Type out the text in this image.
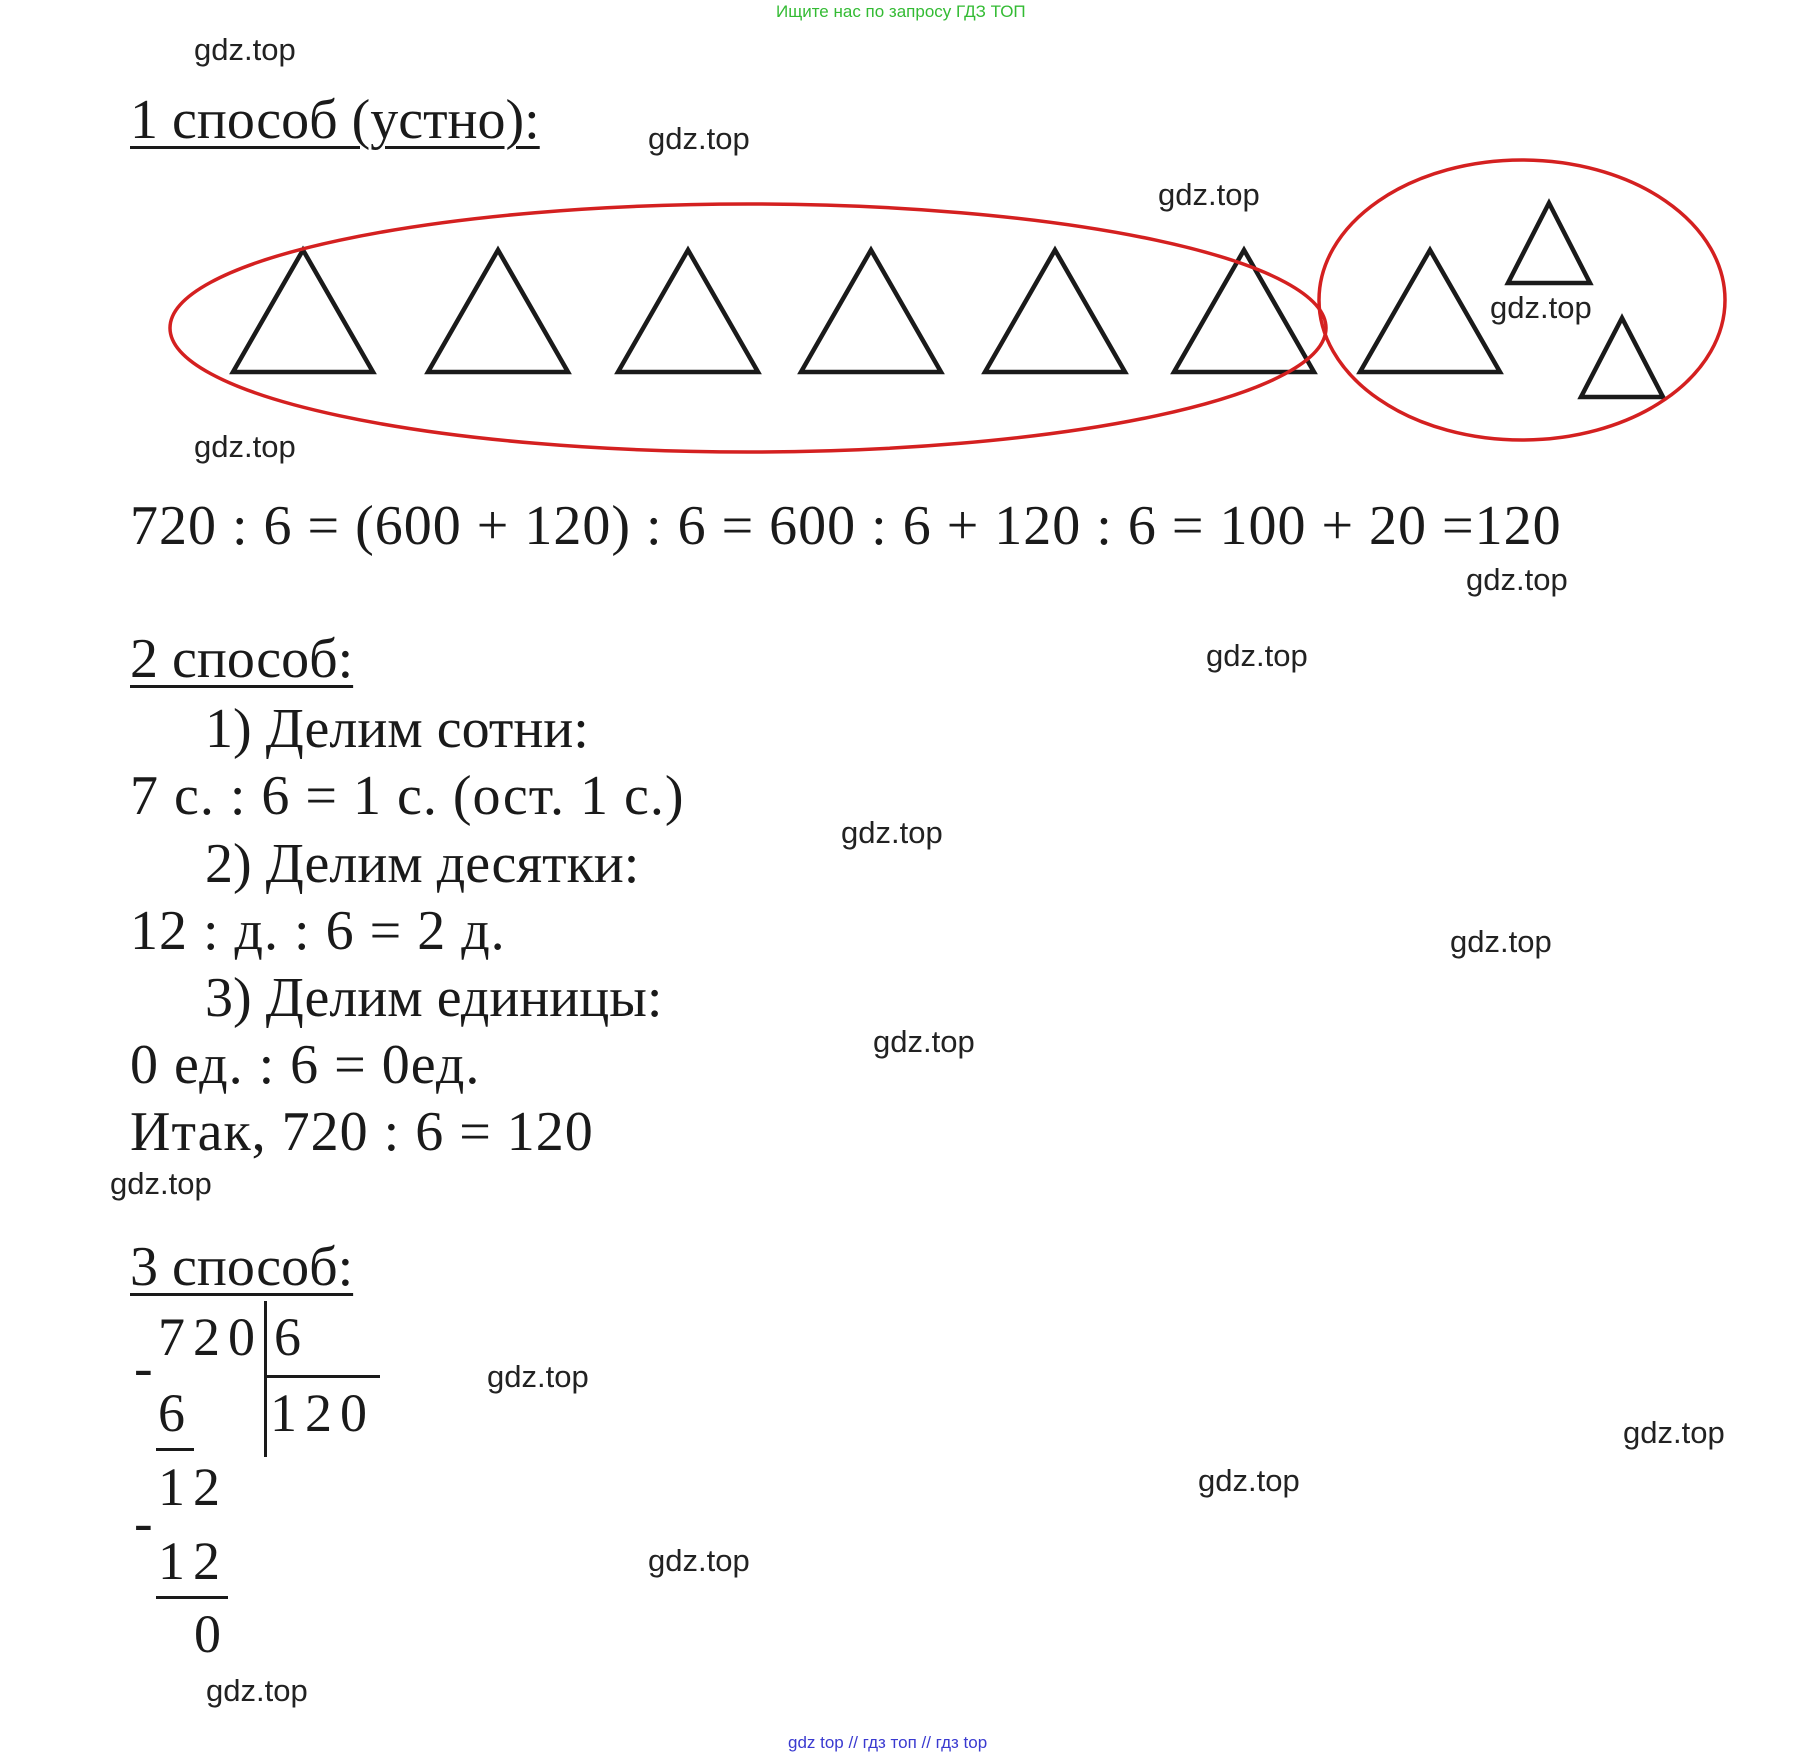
Ищите нас по запросу ГДЗ ТОП
gdz.top
gdz.top
gdz.top
gdz.top
gdz.top
gdz.top
gdz.top
gdz.top
gdz.top
gdz.top
gdz.top
gdz.top
gdz.top
gdz.top
gdz.top
gdz.top
1 способ (устно):
720 : 6 = (600 + 120) : 6 = 600 : 6 + 120 : 6 = 100 + 20 =120
2 способ:
1) Делим сотни:
7 с. : 6 = 1 с. (ост. 1 с.)
2) Делим десятки:
12 : д. : 6 = 2 д.
3) Делим единицы:
0 ед. : 6 = 0ед.
Итак, 720 : 6 = 120
3 способ:
720 6
120
-
6
12
-
12
0
gdz top // гдз топ // гдз top
